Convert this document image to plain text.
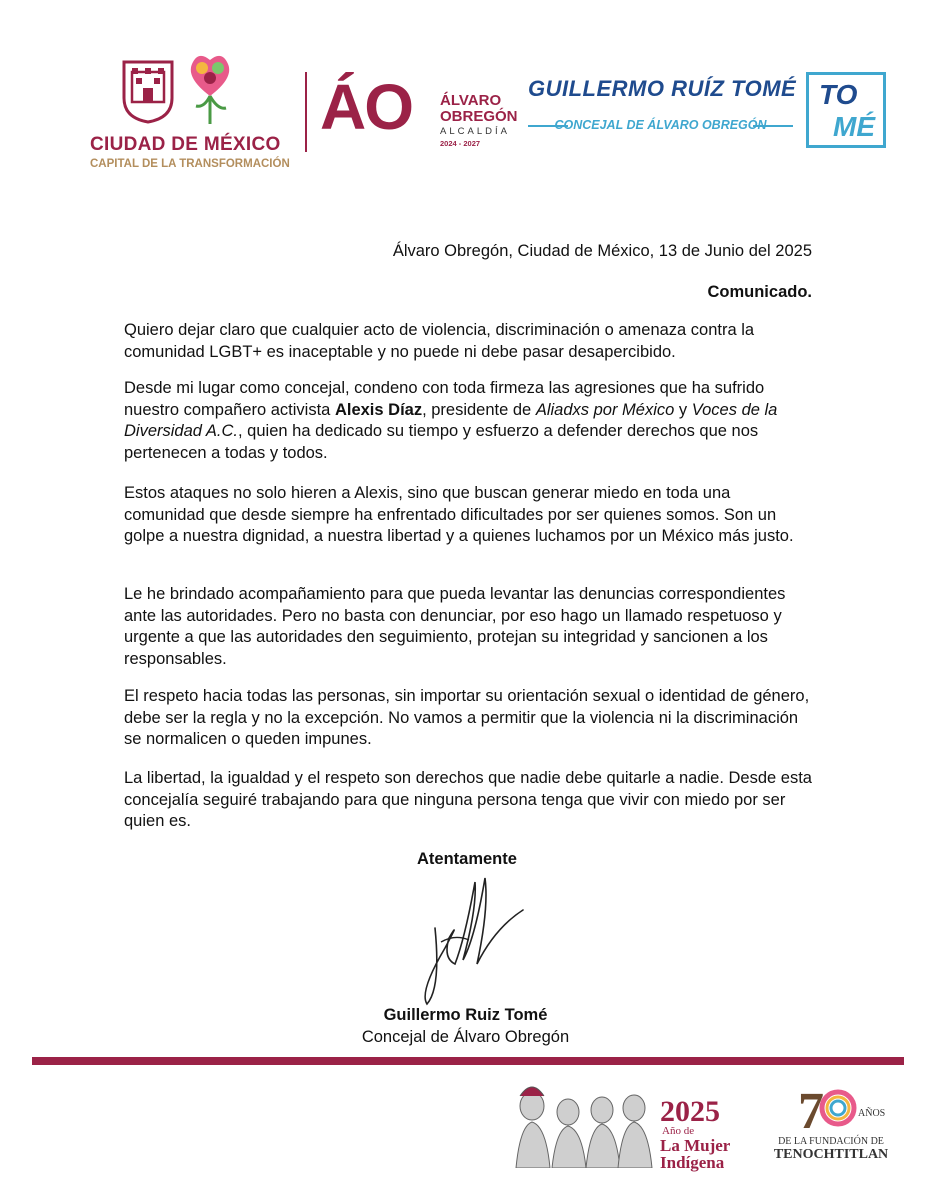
CIUDAD DE MÉXICO
CAPITAL DE LA TRANSFORMACIÓN
ÁO ÁLVARO
OBREGÓN
ALCALDÍA
2024 - 2027
GUILLERMO RUÍZ TOMÉ
CONCEJAL DE ÁLVARO OBREGÓN
TO
MÉ
Álvaro Obregón, Ciudad de México, 13 de Junio del 2025
Comunicado.

Quiero dejar claro que cualquier acto de violencia, discriminación o amenaza contra la comunidad LGBT+ es inaceptable y no puede ni debe pasar desapercibido.

Desde mi lugar como concejal, condeno con toda firmeza las agresiones que ha sufrido nuestro compañero activista Alexis Díaz, presidente de Aliadxs por México y Voces de la Diversidad A.C., quien ha dedicado su tiempo y esfuerzo a defender derechos que nos pertenecen a todas y todos.

Estos ataques no solo hieren a Alexis, sino que buscan generar miedo en toda una comunidad que desde siempre ha enfrentado dificultades por ser quienes somos. Son un golpe a nuestra dignidad, a nuestra libertad y a quienes luchamos por un México más justo.

Le he brindado acompañamiento para que pueda levantar las denuncias correspondientes ante las autoridades. Pero no basta con denunciar, por eso hago un llamado respetuoso y urgente a que las autoridades den seguimiento, protejan su integridad y sancionen a los responsables.

El respeto hacia todas las personas, sin importar su orientación sexual o identidad de género, debe ser la regla y no la excepción. No vamos a permitir que la violencia ni la discriminación se normalicen o queden impunes.

La libertad, la igualdad y el respeto son derechos que nadie debe quitarle a nadie. Desde esta concejalía seguiré trabajando para que ninguna persona tenga que vivir con miedo por ser quien es.

Atentamente
Guillermo Ruiz Tomé
Concejal de Álvaro Obregón
2025
Año de
La Mujer
Indígena
7	AÑOS
DE LA FUNDACIÓN DE
TENOCHTITLAN
